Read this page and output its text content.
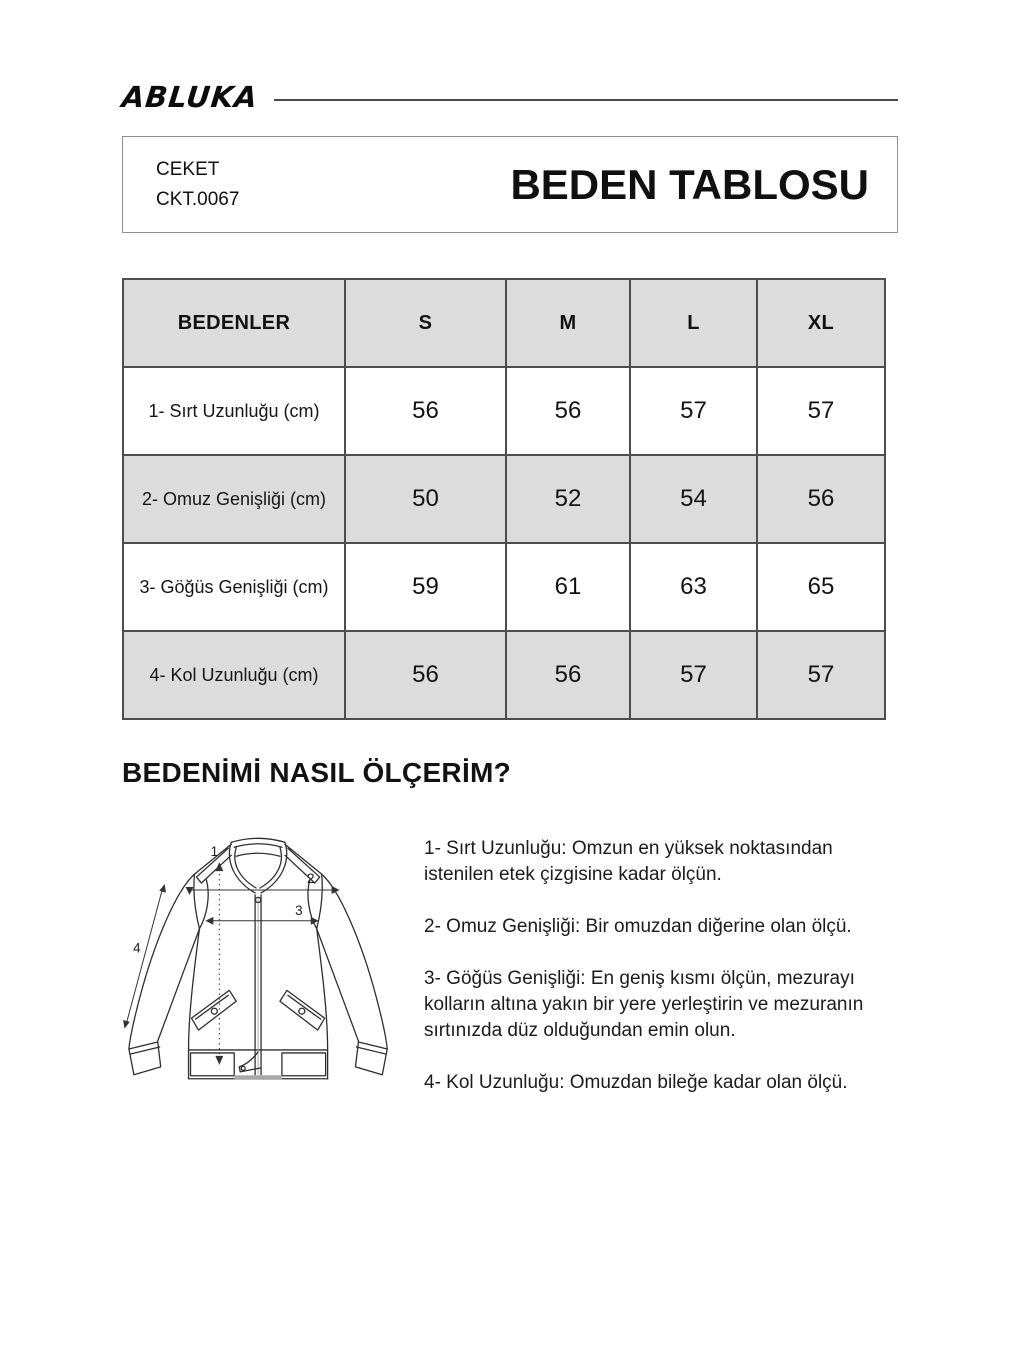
ABLUKA
CEKET
CKT.0067	BEDEN TABLOSU
BEDENLER	S	M	L	XL
1- Sırt Uzunluğu (cm)	56	56	57	57
2- Omuz Genişliği (cm)	50	52	54	56
3- Göğüs Genişliği (cm)	59	61	63	65
4- Kol Uzunluğu (cm)	56	56	57	57
BEDENİMİ NASIL ÖLÇERİM?
1
2
3
4
1- Sırt Uzunluğu: Omzun en yüksek noktasından
istenilen etek çizgisine kadar ölçün.
2- Omuz Genişliği: Bir omuzdan diğerine olan ölçü.
3- Göğüs Genişliği: En geniş kısmı ölçün, mezurayı
kolların altına yakın bir yere yerleştirin ve mezuranın
sırtınızda düz olduğundan emin olun.
4- Kol Uzunluğu: Omuzdan bileğe kadar olan ölçü.
